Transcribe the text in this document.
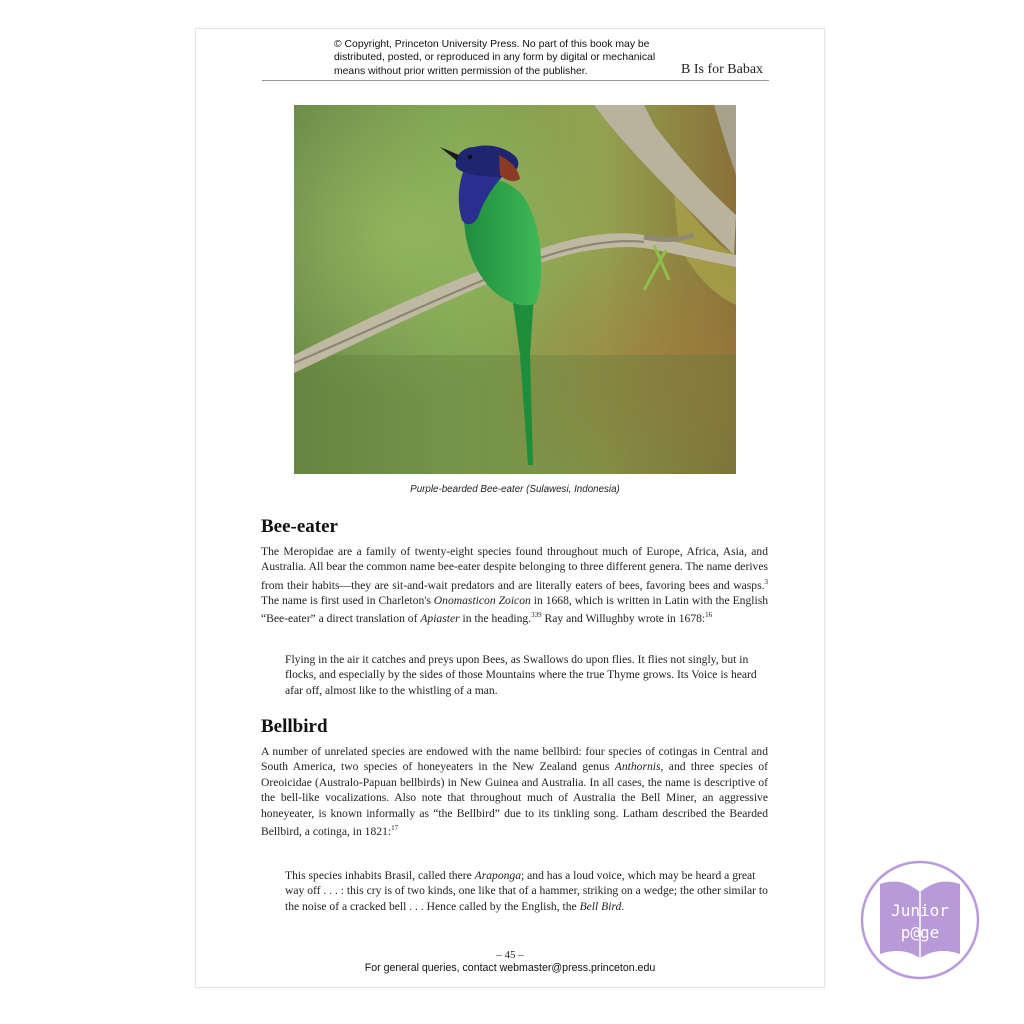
© Copyright, Princeton University Press. No part of this book may be
distributed, posted, or reproduced in any form by digital or mechanical
means without prior written permission of the publisher.	B Is for Babax
Purple-bearded Bee-eater (Sulawesi, Indonesia)
Bee-eater

The Meropidae are a family of twenty-eight species found throughout much of Europe, Africa, Asia, and Australia. All bear the common name bee-eater despite belonging to three different genera. The name derives from their habits—they are sit-and-wait predators and are literally eaters of bees, favoring bees and wasps.$^3$ The name is first used in Charleton's Onomasticon Zoicon in 1668, which is written in Latin with the English “Bee-eater” a direct translation of Apiaster in the heading.$^{339}$ Ray and Willughby wrote in 1678:$^{16}$

Flying in the air it catches and preys upon Bees, as Swallows do upon flies. It flies not singly, but in flocks, and especially by the sides of those Mountains where the true Thyme grows. Its Voice is heard afar off, almost like to the whistling of a man.

Bellbird

A number of unrelated species are endowed with the name bellbird: four species of cotingas in Central and South America, two species of honeyeaters in the New Zealand genus Anthornis, and three species of Oreoicidae (Australo-Papuan bellbirds) in New Guinea and Australia. In all cases, the name is descriptive of the bell-like vocalizations. Also note that throughout much of Australia the Bell Miner, an aggressive honeyeater, is known informally as “the Bellbird” due to its tinkling song. Latham described the Bearded Bellbird, a cotinga, in 1821:$^{17}$

This species inhabits Brasil, called there Araponga; and has a loud voice, which may be heard a great way off . . . : this cry is of two kinds, one like that of a hammer, striking on a wedge; the other similar to the noise of a cracked bell . . . Hence called by the English, the Bell Bird.

– 45 –
For general queries, contact webmaster@press.princeton.edu
Junior
p@ge
